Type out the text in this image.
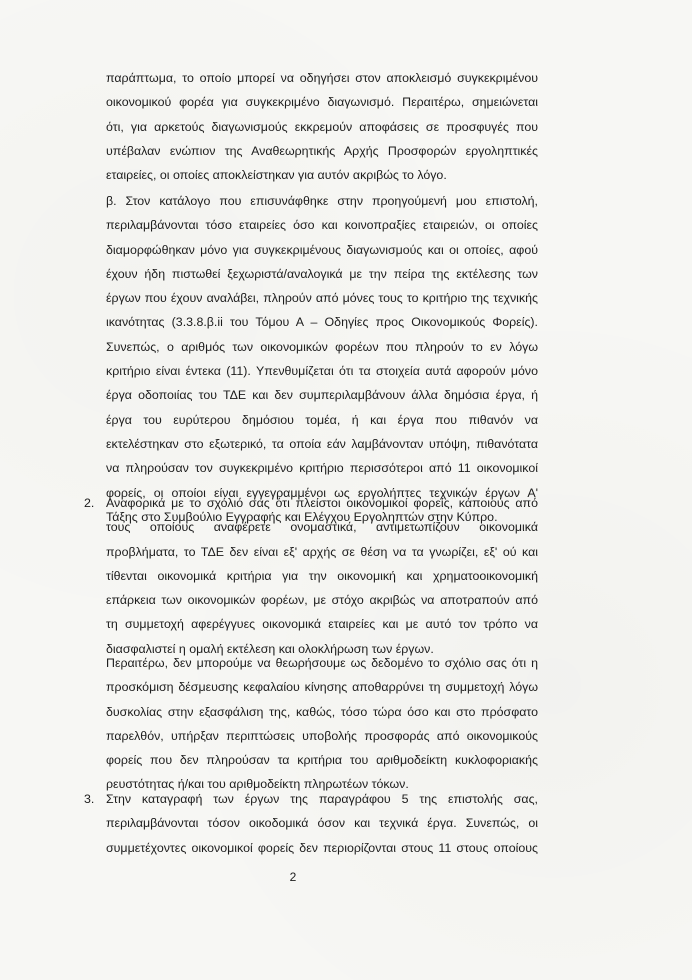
παράπτωμα, το οποίο μπορεί να οδηγήσει στον αποκλεισμό συγκεκριμένου
οικονομικού φορέα για συγκεκριμένο διαγωνισμό. Περαιτέρω, σημειώνεται
ότι, για αρκετούς διαγωνισμούς εκκρεμούν αποφάσεις σε προσφυγές που
υπέβαλαν ενώπιον της Αναθεωρητικής Αρχής Προσφορών εργοληπτικές
εταιρείες, οι οποίες αποκλείστηκαν για αυτόν ακριβώς το λόγο.
β. Στον κατάλογο που επισυνάφθηκε στην προηγούμενή μου επιστολή,
περιλαμβάνονται τόσο εταιρείες όσο και κοινοπραξίες εταιρειών, οι οποίες
διαμορφώθηκαν μόνο για συγκεκριμένους διαγωνισμούς και οι οποίες, αφού
έχουν ήδη πιστωθεί ξεχωριστά/αναλογικά με την πείρα της εκτέλεσης των
έργων που έχουν αναλάβει, πληρούν από μόνες τους το κριτήριο της τεχνικής
ικανότητας (3.3.8.β.ii του Τόμου Α – Οδηγίες προς Οικονομικούς Φορείς).
Συνεπώς, ο αριθμός των οικονομικών φορέων που πληρούν το εν λόγω
κριτήριο είναι έντεκα (11). Υπενθυμίζεται ότι τα στοιχεία αυτά αφορούν μόνο
έργα οδοποιίας του ΤΔΕ και δεν συμπεριλαμβάνουν άλλα δημόσια έργα, ή
έργα του ευρύτερου δημόσιου τομέα, ή και έργα που πιθανόν να
εκτελέστηκαν στο εξωτερικό, τα οποία εάν λαμβάνονταν υπόψη, πιθανότατα
να πληρούσαν τον συγκεκριμένο κριτήριο περισσότεροι από 11 οικονομικοί
φορείς, οι οποίοι είναι εγγεγραμμένοι ως εργολήπτες τεχνικών έργων Α'
Τάξης στο Συμβούλιο Εγγραφής και Ελέγχου Εργοληπτών στην Κύπρο.
2. Αναφορικά με το σχόλιό σας ότι πλείστοι οικονομικοί φορείς, κάποιους από
τους οποίους αναφέρετε ονομαστικά, αντιμετωπίζουν οικονομικά
προβλήματα, το ΤΔΕ δεν είναι εξ' αρχής σε θέση να τα γνωρίζει, εξ' ού και
τίθενται οικονομικά κριτήρια για την οικονομική και χρηματοοικονομική
επάρκεια των οικονομικών φορέων, με στόχο ακριβώς να αποτραπούν από
τη συμμετοχή αφερέγγυες οικονομικά εταιρείες και με αυτό τον τρόπο να
διασφαλιστεί η ομαλή εκτέλεση και ολοκλήρωση των έργων.
Περαιτέρω, δεν μπορούμε να θεωρήσουμε ως δεδομένο το σχόλιο σας ότι η
προσκόμιση δέσμευσης κεφαλαίου κίνησης αποθαρρύνει τη συμμετοχή λόγω
δυσκολίας στην εξασφάλιση της, καθώς, τόσο τώρα όσο και στο πρόσφατο
παρελθόν, υπήρξαν περιπτώσεις υποβολής προσφοράς από οικονομικούς
φορείς που δεν πληρούσαν τα κριτήρια του αριθμοδείκτη κυκλοφοριακής
ρευστότητας ή/και του αριθμοδείκτη πληρωτέων τόκων.
3. Στην καταγραφή των έργων της παραγράφου 5 της επιστολής σας,
περιλαμβάνονται τόσον οικοδομικά όσον και τεχνικά έργα. Συνεπώς, οι
συμμετέχοντες οικονομικοί φορείς δεν περιορίζονται στους 11 στους οποίους
2
